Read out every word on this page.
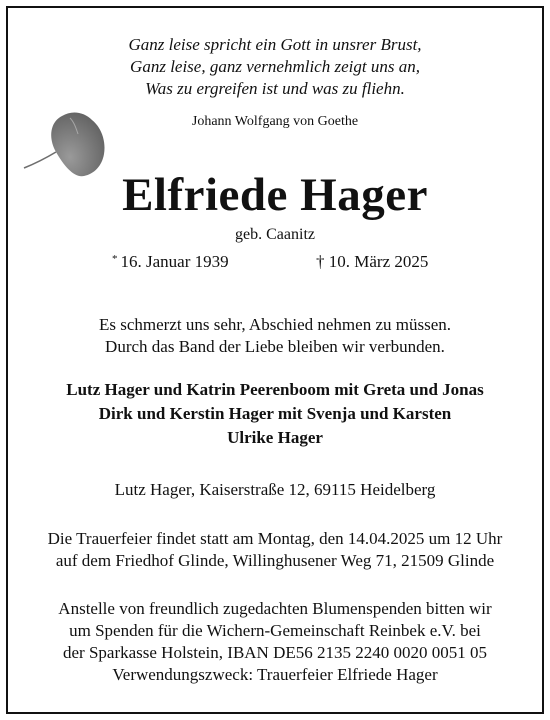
Ganz leise spricht ein Gott in unsrer Brust,
Ganz leise, ganz vernehmlich zeigt uns an,
Was zu ergreifen ist und was zu fliehn.
Johann Wolfgang von Goethe
Elfriede Hager
geb. Caanitz
* 16. Januar 1939	† 10. März 2025
Es schmerzt uns sehr, Abschied nehmen zu müssen.
Durch das Band der Liebe bleiben wir verbunden.
Lutz Hager und Katrin Peerenboom mit Greta und Jonas
Dirk und Kerstin Hager mit Svenja und Karsten
Ulrike Hager
Lutz Hager, Kaiserstraße 12, 69115 Heidelberg
Die Trauerfeier findet statt am Montag, den 14.04.2025 um 12 Uhr
auf dem Friedhof Glinde, Willinghusener Weg 71, 21509 Glinde
Anstelle von freundlich zugedachten Blumenspenden bitten wir
um Spenden für die Wichern-Gemeinschaft Reinbek e.V. bei
der Sparkasse Holstein, IBAN DE56 2135 2240 0020 0051 05
Verwendungszweck: Trauerfeier Elfriede Hager
